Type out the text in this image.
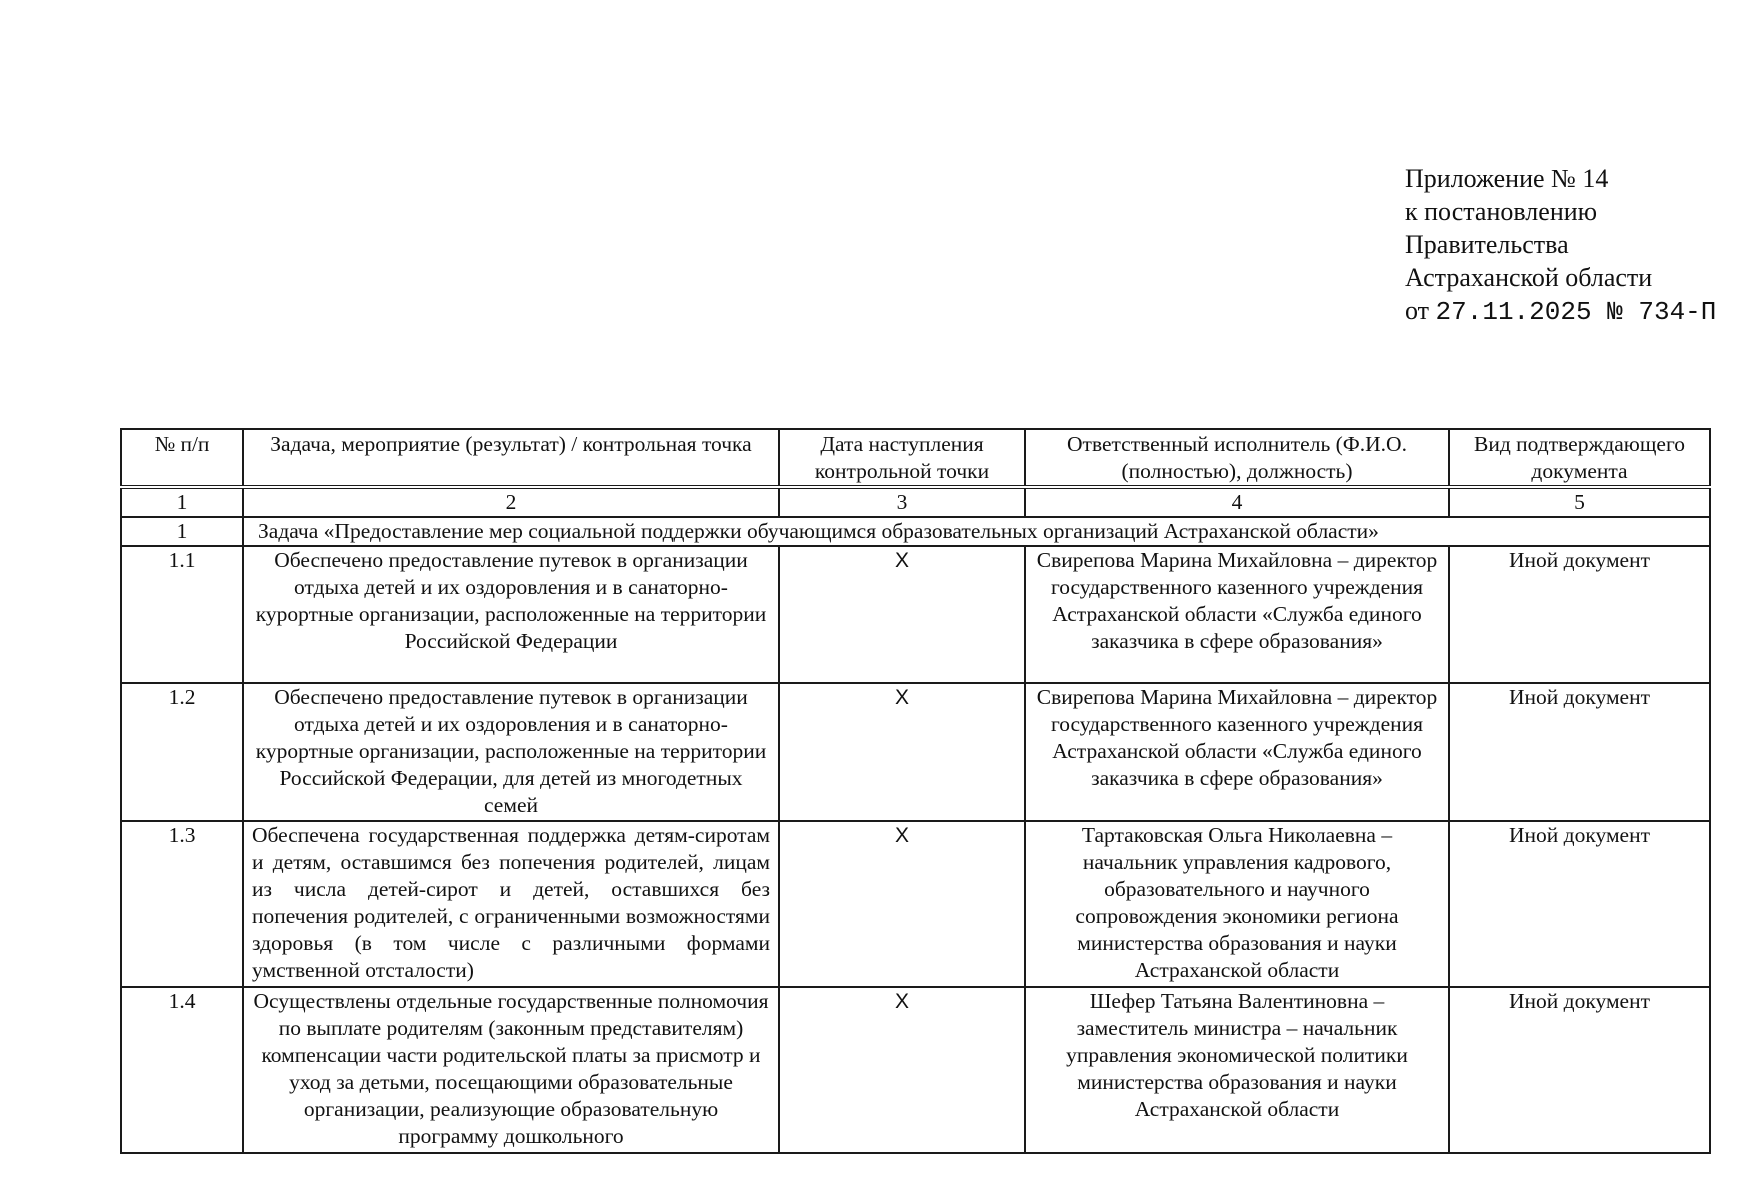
Приложение № 14
к постановлению
Правительства
Астраханской области
от 27.11.2025 № 734-П
№ п/п	Задача, мероприятие (результат) / контрольная точка	Дата наступления контрольной точки	Ответственный исполнитель (Ф.И.О. (полностью), должность)	Вид подтверждающего документа
1	2	3	4	5
1	Задача «Предоставление мер социальной поддержки обучающимся образовательных организаций Астраханской области»			
1.1	Обеспечено предоставление путевок в организации отдыха детей и их оздоровления и в санаторно-курортные организации, расположенные на территории Российской Федерации	X	Свирепова Марина Михайловна – директор государственного казенного учреждения Астраханской области «Служба единого заказчика в сфере образования»	Иной документ
1.2	Обеспечено предоставление путевок в организации отдыха детей и их оздоровления и в санаторно-курортные организации, расположенные на территории Российской Федерации, для детей из многодетных семей	X	Свирепова Марина Михайловна – директор государственного казенного учреждения Астраханской области «Служба единого заказчика в сфере образования»	Иной документ
1.3	Обеспечена государственная поддержка детям-сиротам и детям, оставшимся без попечения родителей, лицам из числа детей-сирот и детей, оставшихся без попечения родителей, с ограниченными возможностями здоровья (в том числе с различными формами умственной отсталости)	X	Тартаковская Ольга Николаевна – начальник управления кадрового, образовательного и научного сопровождения экономики региона министерства образования и науки Астраханской области	Иной документ
1.4	Осуществлены отдельные государственные полномочия по выплате родителям (законным представителям) компенсации части родительской платы за присмотр и уход за детьми, посещающими образовательные организации, реализующие образовательную программу дошкольного	X	Шефер Татьяна Валентиновна – заместитель министра – начальник управления экономической политики министерства образования и науки Астраханской области	Иной документ
